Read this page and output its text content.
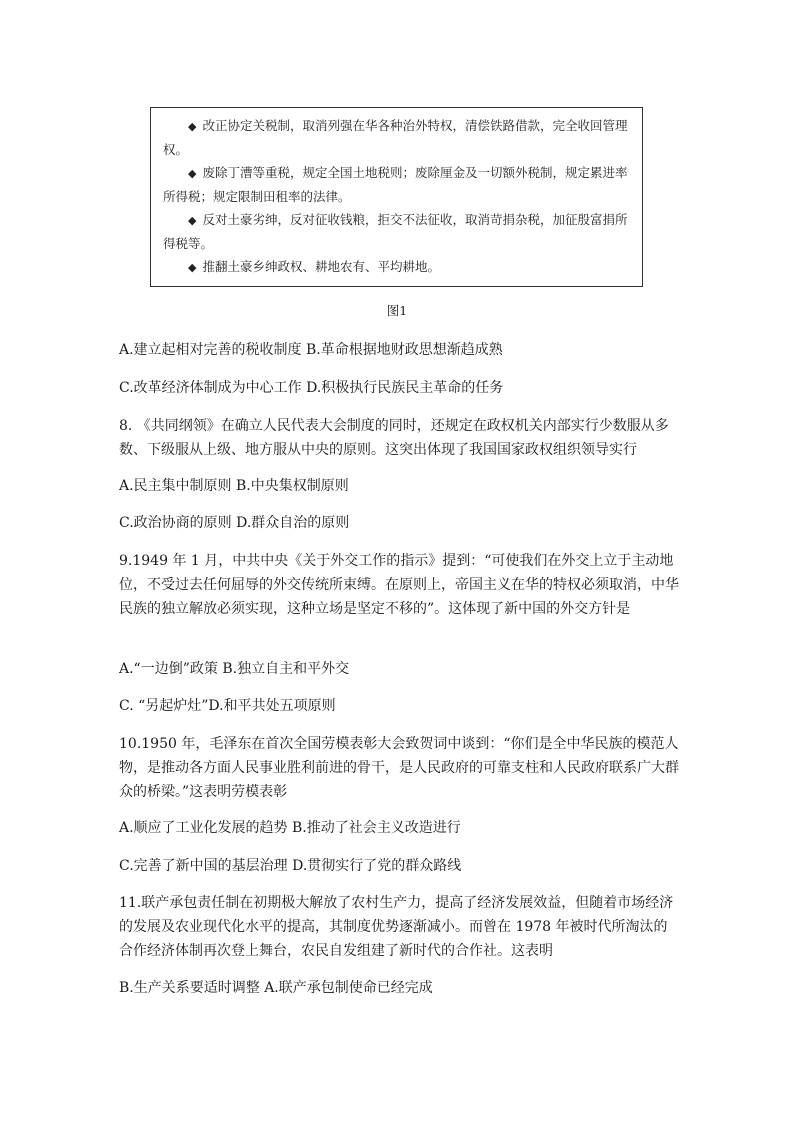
◆ 改正协定关税制，取消列强在华各种治外特权，清偿铁路借款，完全收回管理权。

◆ 废除丁漕等重税，规定全国土地税则；废除厘金及一切额外税制，规定累进率所得税；规定限制田租率的法律。

◆ 反对土豪劣绅，反对征收钱粮，拒交不法征收，取消苛捐杂税，加征殷富捐所得税等。

◆ 推翻土豪乡绅政权、耕地农有、平均耕地。

图1

A.建立起相对完善的税收制度 B.革命根据地财政思想渐趋成熟

C.改革经济体制成为中心工作 D.积极执行民族民主革命的任务

8. 《共同纲领》在确立人民代表大会制度的同时，还规定在政权机关内部实行少数服从多数、下级服从上级、地方服从中央的原则。这突出体现了我国国家政权组织领导实行

A.民主集中制原则 B.中央集权制原则

C.政治协商的原则 D.群众自治的原则

9.1949 年 1 月，中共中央《关于外交工作的指示》提到：“可使我们在外交上立于主动地位，不受过去任何屈辱的外交传统所束缚。在原则上，帝国主义在华的特权必须取消，中华民族的独立解放必须实现，这种立场是坚定不移的”。这体现了新中国的外交方针是

A.“一边倒”政策 B.独立自主和平外交

C. “另起炉灶”D.和平共处五项原则

10.1950 年，毛泽东在首次全国劳模表彰大会致贺词中谈到：“你们是全中华民族的模范人物，是推动各方面人民事业胜利前进的骨干，是人民政府的可靠支柱和人民政府联系广大群众的桥梁。”这表明劳模表彰

A.顺应了工业化发展的趋势 B.推动了社会主义改造进行

C.完善了新中国的基层治理 D.贯彻实行了党的群众路线

11.联产承包责任制在初期极大解放了农村生产力，提高了经济发展效益，但随着市场经济的发展及农业现代化水平的提高，其制度优势逐渐减小。而曾在 1978 年被时代所淘汰的合作经济体制再次登上舞台，农民自发组建了新时代的合作社。这表明

B.生产关系要适时调整 A.联产承包制使命已经完成
